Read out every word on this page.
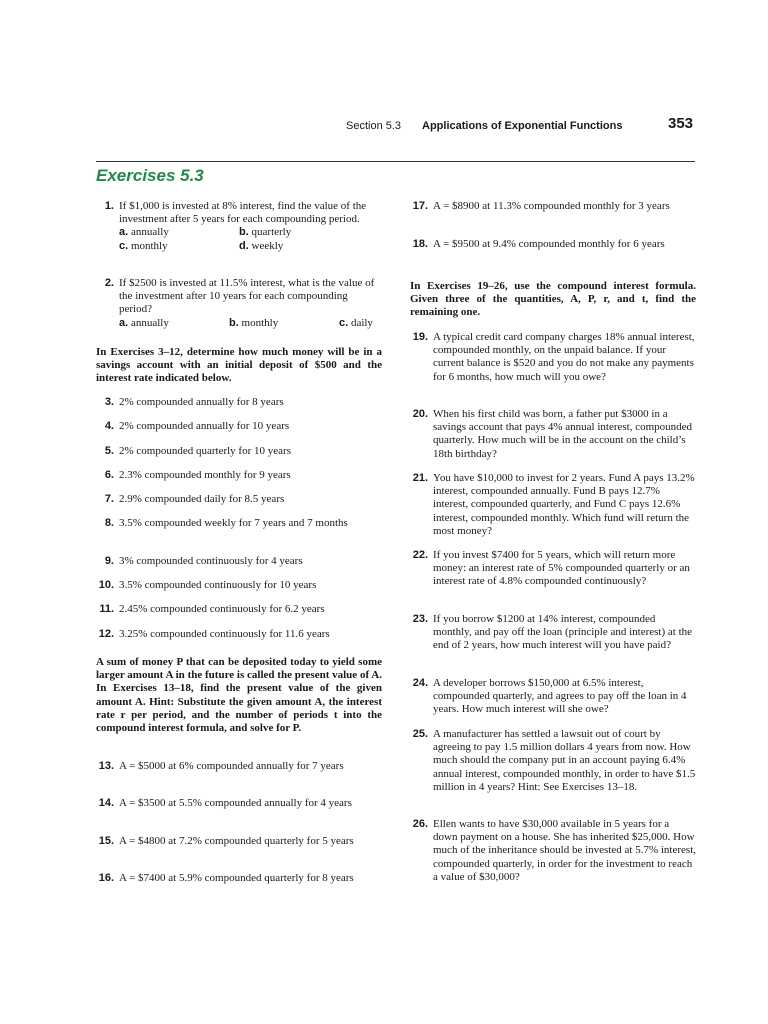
Section 5.3 Applications of Exponential Functions	353
Exercises 5.3
1. If $1,000 is invested at 8% interest, find the value of the investment after 5 years for each compounding period.
a. annually	b. quarterly
c. monthly	d. weekly
2. If $2500 is invested at 11.5% interest, what is the value of the investment after 10 years for each compounding period?
a. annually	b. monthly	c. daily
In Exercises 3–12, determine how much money will be in a savings account with an initial deposit of $500 and the interest rate indicated below.
3. 2% compounded annually for 8 years
4. 2% compounded annually for 10 years
5. 2% compounded quarterly for 10 years
6. 2.3% compounded monthly for 9 years
7. 2.9% compounded daily for 8.5 years
8. 3.5% compounded weekly for 7 years and 7 months
9. 3% compounded continuously for 4 years
10. 3.5% compounded continuously for 10 years
11. 2.45% compounded continuously for 6.2 years
12. 3.25% compounded continuously for 11.6 years
A sum of money P that can be deposited today to yield some larger amount A in the future is called the present value of A. In Exercises 13–18, find the present value of the given amount A. Hint: Substitute the given amount A, the interest rate r per period, and the number of periods t into the compound interest formula, and solve for P.
13. A = $5000 at 6% compounded annually for 7 years
14. A = $3500 at 5.5% compounded annually for 4 years
15. A = $4800 at 7.2% compounded quarterly for 5 years
16. A = $7400 at 5.9% compounded quarterly for 8 years
17. A = $8900 at 11.3% compounded monthly for 3 years
18. A = $9500 at 9.4% compounded monthly for 6 years
In Exercises 19–26, use the compound interest formula. Given three of the quantities, A, P, r, and t, find the remaining one.
19. A typical credit card company charges 18% annual interest, compounded monthly, on the unpaid balance. If your current balance is $520 and you do not make any payments for 6 months, how much will you owe?
20. When his first child was born, a father put $3000 in a savings account that pays 4% annual interest, compounded quarterly. How much will be in the account on the child’s 18th birthday?
21. You have $10,000 to invest for 2 years. Fund A pays 13.2% interest, compounded annually. Fund B pays 12.7% interest, compounded quarterly, and Fund C pays 12.6% interest, compounded monthly. Which fund will return the most money?
22. If you invest $7400 for 5 years, which will return more money: an interest rate of 5% compounded quarterly or an interest rate of 4.8% compounded continuously?
23. If you borrow $1200 at 14% interest, compounded monthly, and pay off the loan (principle and interest) at the end of 2 years, how much interest will you have paid?
24. A developer borrows $150,000 at 6.5% interest, compounded quarterly, and agrees to pay off the loan in 4 years. How much interest will she owe?
25. A manufacturer has settled a lawsuit out of court by agreeing to pay 1.5 million dollars 4 years from now. How much should the company put in an account paying 6.4% annual interest, compounded monthly, in order to have $1.5 million in 4 years? Hint: See Exercises 13–18.
26. Ellen wants to have $30,000 available in 5 years for a down payment on a house. She has inherited $25,000. How much of the inheritance should be invested at 5.7% interest, compounded quarterly, in order for the investment to reach a value of $30,000?
